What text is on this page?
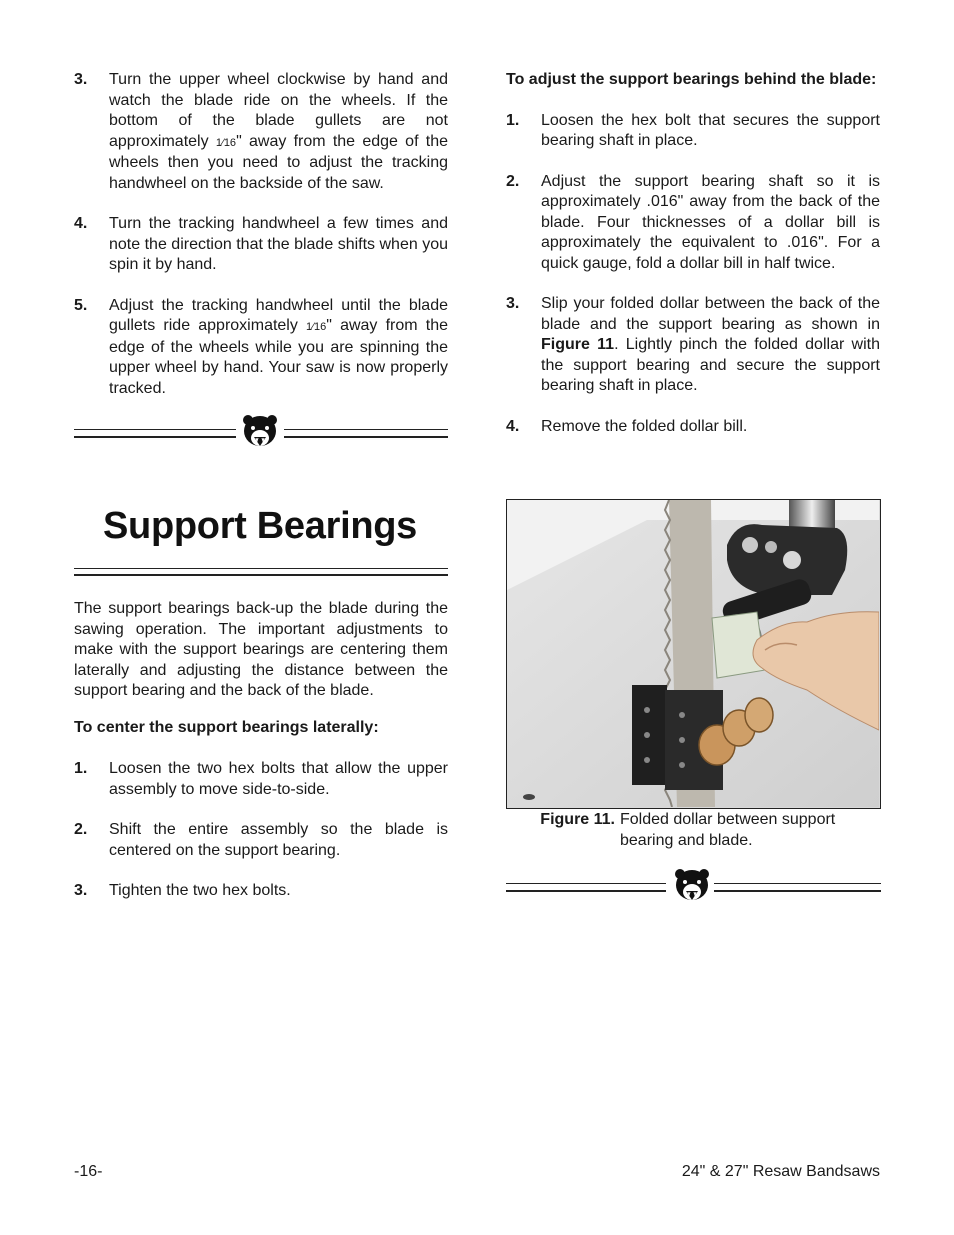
3.	Turn the upper wheel clockwise by hand and watch the blade ride on the wheels. If the bottom of the blade gullets are not approximately 1⁄16" away from the edge of the wheels then you need to adjust the tracking handwheel on the backside of the saw.
4.	Turn the tracking handwheel a few times and note the direction that the blade shifts when you spin it by hand.
5.	Adjust the tracking handwheel until the blade gullets ride approximately 1⁄16" away from the edge of the wheels while you are spinning the upper wheel by hand. Your saw is now properly tracked.
Support Bearings

The support bearings back-up the blade during the sawing operation. The important adjustments to make with the support bearings are centering them laterally and adjusting the distance between the support bearing and the back of the blade.

To center the support bearings laterally:

1.	Loosen the two hex bolts that allow the upper assembly to move side-to-side.
2.	Shift the entire assembly so the blade is centered on the support bearing.
3.	Tighten the two hex bolts.

To adjust the support bearings behind the blade:

1.	Loosen the hex bolt that secures the support bearing shaft in place.
2.	Adjust the support bearing shaft so it is approximately .016" away from the back of the blade. Four thicknesses of a dollar bill is approximately the equivalent to .016". For a quick gauge, fold a dollar bill in half twice.
3.	Slip your folded dollar between the back of the blade and the support bearing as shown in Figure 11. Lightly pinch the folded dollar with the support bearing and secure the support bearing shaft in place.
4.	Remove the folded dollar bill.
Figure 11. Folded dollar between support bearing and blade.
-16-	24" & 27" Resaw Bandsaws
